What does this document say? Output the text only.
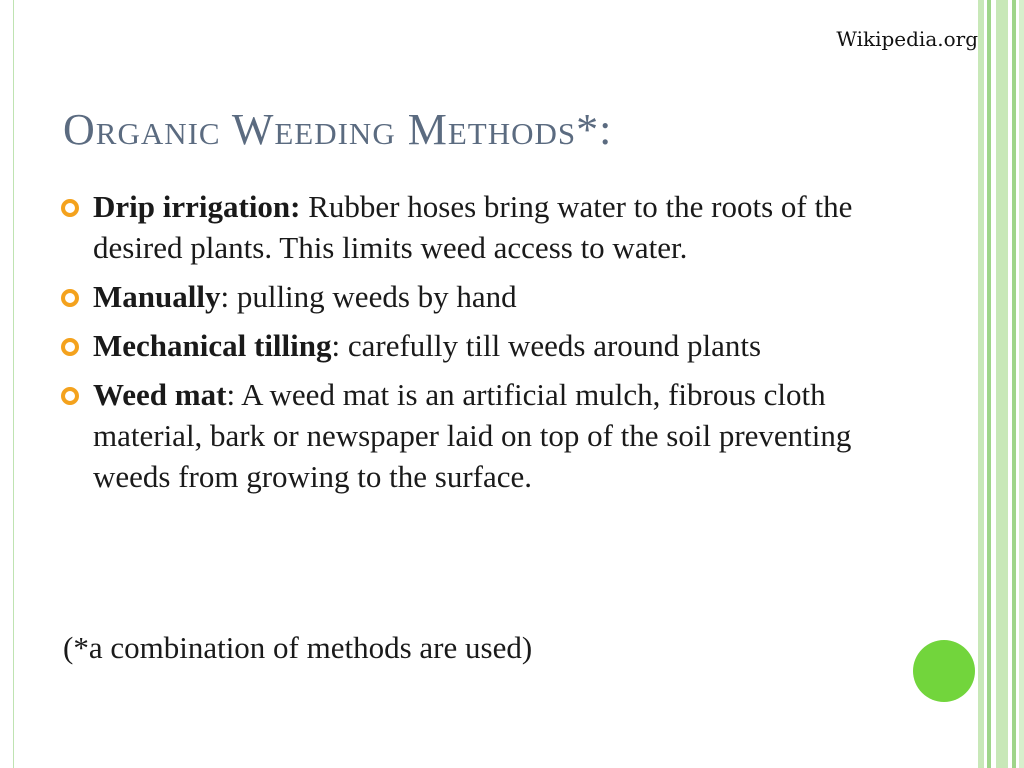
Wikipedia.org
Organic Weeding Methods*:
Drip irrigation: Rubber hoses bring water to the roots of the desired plants. This limits weed access to water.
Manually: pulling weeds by hand
Mechanical tilling: carefully till weeds around plants
Weed mat: A weed mat is an artificial mulch, fibrous cloth material, bark or newspaper laid on top of the soil preventing weeds from growing to the surface.

(*a combination of methods are used)
